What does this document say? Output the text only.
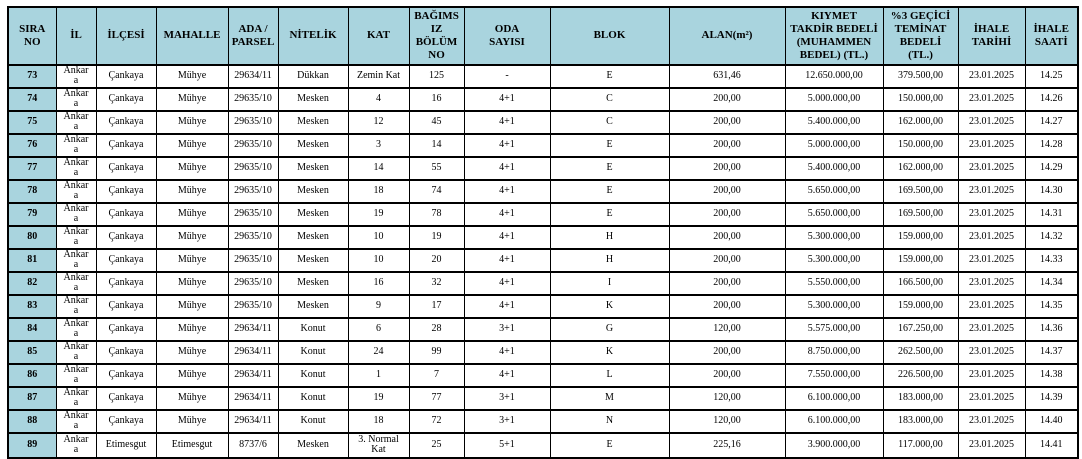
SIRA NO	İL	İLÇESİ	MAHALLE	ADA / PARSEL	NİTELİK	KAT	BAĞIMSIZ BÖLÜM NO	ODA SAYISI	BLOK	ALAN(m²)	KIYMET TAKDİR BEDELİ (MUHAMMEN BEDEL) (TL.)	%3 GEÇİCİ TEMİNAT BEDELİ (TL.)	İHALE TARİHİ	İHALE SAATİ
73	Ankara	Çankaya	Mühye	29634/11	Dükkan	Zemin Kat	125	-	E	631,46	12.650.000,00	379.500,00	23.01.2025	14.25
74	Ankara	Çankaya	Mühye	29635/10	Mesken	4	16	4+1	C	200,00	5.000.000,00	150.000,00	23.01.2025	14.26
75	Ankara	Çankaya	Mühye	29635/10	Mesken	12	45	4+1	C	200,00	5.400.000,00	162.000,00	23.01.2025	14.27
76	Ankara	Çankaya	Mühye	29635/10	Mesken	3	14	4+1	E	200,00	5.000.000,00	150.000,00	23.01.2025	14.28
77	Ankara	Çankaya	Mühye	29635/10	Mesken	14	55	4+1	E	200,00	5.400.000,00	162.000,00	23.01.2025	14.29
78	Ankara	Çankaya	Mühye	29635/10	Mesken	18	74	4+1	E	200,00	5.650.000,00	169.500,00	23.01.2025	14.30
79	Ankara	Çankaya	Mühye	29635/10	Mesken	19	78	4+1	E	200,00	5.650.000,00	169.500,00	23.01.2025	14.31
80	Ankara	Çankaya	Mühye	29635/10	Mesken	10	19	4+1	H	200,00	5.300.000,00	159.000,00	23.01.2025	14.32
81	Ankara	Çankaya	Mühye	29635/10	Mesken	10	20	4+1	H	200,00	5.300.000,00	159.000,00	23.01.2025	14.33
82	Ankara	Çankaya	Mühye	29635/10	Mesken	16	32	4+1	I	200,00	5.550.000,00	166.500,00	23.01.2025	14.34
83	Ankara	Çankaya	Mühye	29635/10	Mesken	9	17	4+1	K	200,00	5.300.000,00	159.000,00	23.01.2025	14.35
84	Ankara	Çankaya	Mühye	29634/11	Konut	6	28	3+1	G	120,00	5.575.000,00	167.250,00	23.01.2025	14.36
85	Ankara	Çankaya	Mühye	29634/11	Konut	24	99	4+1	K	200,00	8.750.000,00	262.500,00	23.01.2025	14.37
86	Ankara	Çankaya	Mühye	29634/11	Konut	1	7	4+1	L	200,00	7.550.000,00	226.500,00	23.01.2025	14.38
87	Ankara	Çankaya	Mühye	29634/11	Konut	19	77	3+1	M	120,00	6.100.000,00	183.000,00	23.01.2025	14.39
88	Ankara	Çankaya	Mühye	29634/11	Konut	18	72	3+1	N	120,00	6.100.000,00	183.000,00	23.01.2025	14.40
89	Ankara	Etimesgut	Etimesgut	8737/6	Mesken	3. Normal Kat	25	5+1	E	225,16	3.900.000,00	117.000,00	23.01.2025	14.41
